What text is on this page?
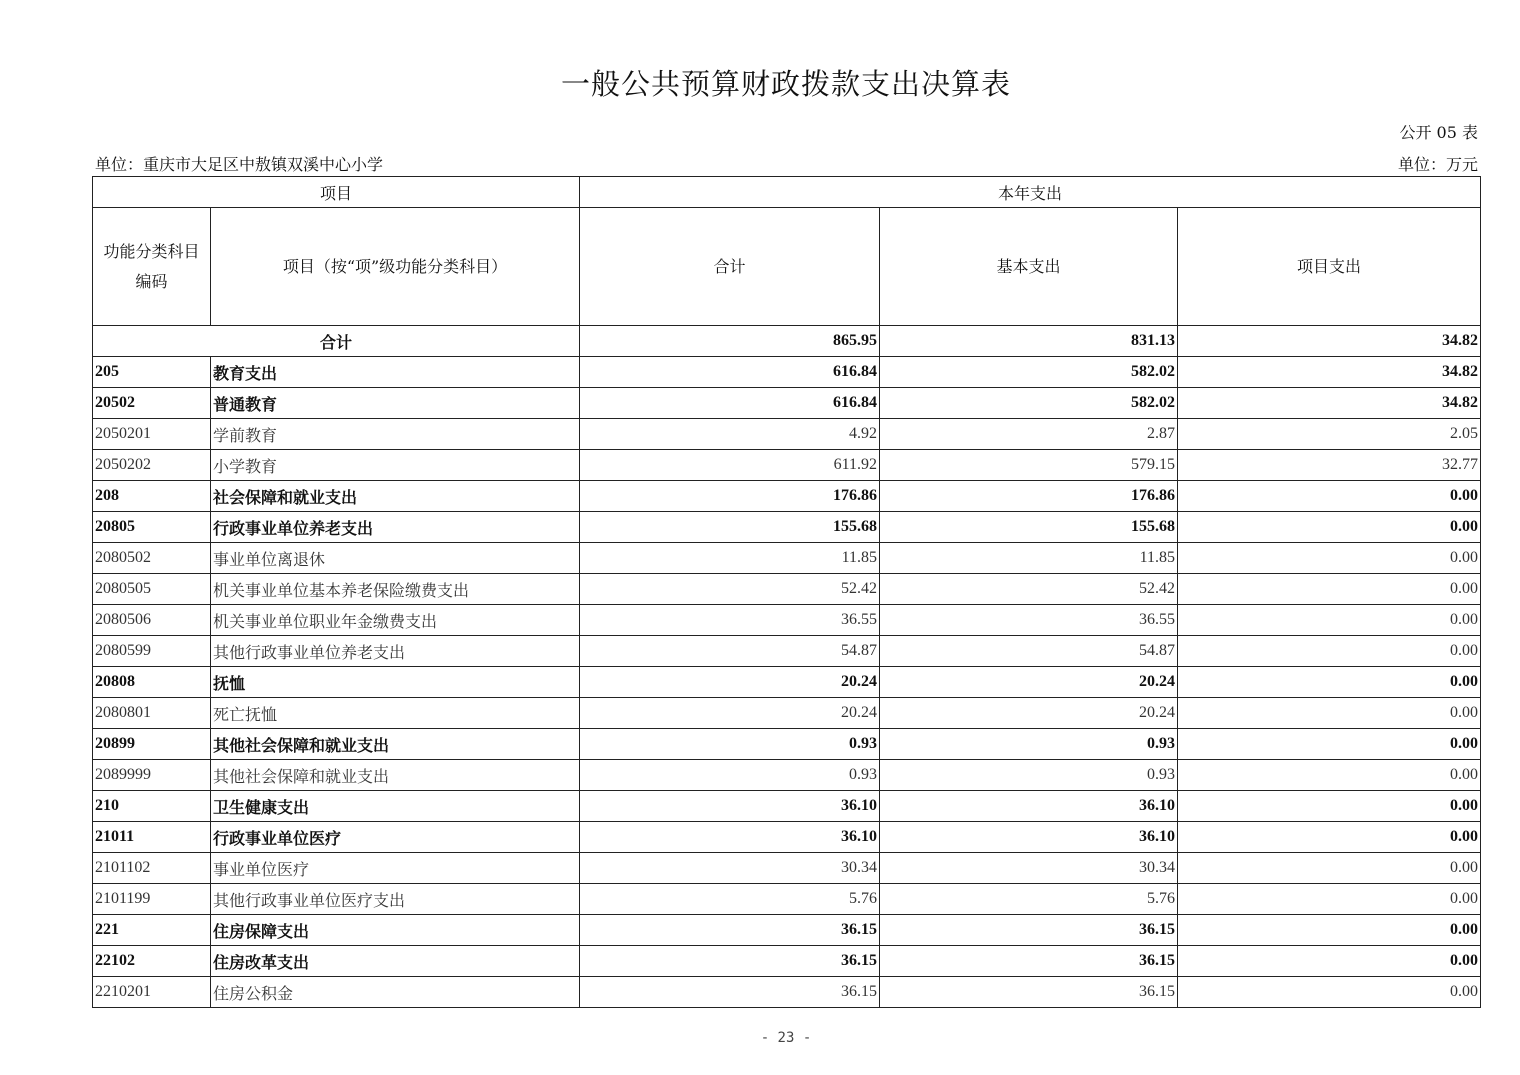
一般公共预算财政拨款支出决算表
公开 05 表
单位：重庆市大足区中敖镇双溪中心小学	单位：万元
项目		本年支出		
功能分类科目
编码	项目（按“项”级功能分类科目）	合计	基本支出	项目支出
合计		865.95	831.13	34.82
205	教育支出	616.84	582.02	34.82
20502	普通教育	616.84	582.02	34.82
2050201	学前教育	4.92	2.87	2.05
2050202	小学教育	611.92	579.15	32.77
208	社会保障和就业支出	176.86	176.86	0.00
20805	行政事业单位养老支出	155.68	155.68	0.00
2080502	事业单位离退休	11.85	11.85	0.00
2080505	机关事业单位基本养老保险缴费支出	52.42	52.42	0.00
2080506	机关事业单位职业年金缴费支出	36.55	36.55	0.00
2080599	其他行政事业单位养老支出	54.87	54.87	0.00
20808	抚恤	20.24	20.24	0.00
2080801	死亡抚恤	20.24	20.24	0.00
20899	其他社会保障和就业支出	0.93	0.93	0.00
2089999	其他社会保障和就业支出	0.93	0.93	0.00
210	卫生健康支出	36.10	36.10	0.00
21011	行政事业单位医疗	36.10	36.10	0.00
2101102	事业单位医疗	30.34	30.34	0.00
2101199	其他行政事业单位医疗支出	5.76	5.76	0.00
221	住房保障支出	36.15	36.15	0.00
22102	住房改革支出	36.15	36.15	0.00
2210201	住房公积金	36.15	36.15	0.00
- 23 -
